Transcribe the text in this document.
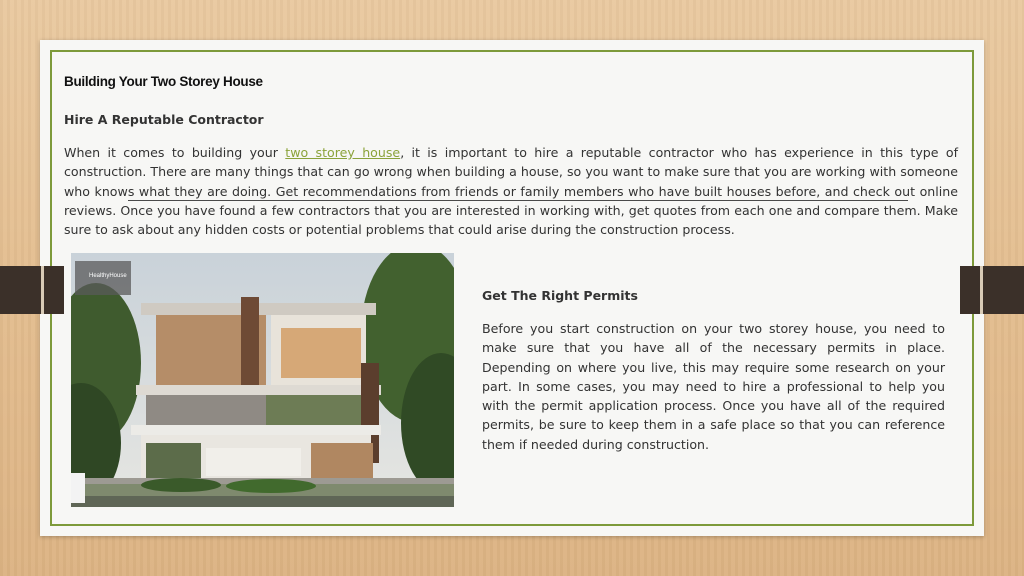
Building Your Two Storey House
Hire A Reputable Contractor

When it comes to building your two storey house, it is important to hire a reputable contractor who has experience in this type of construction. There are many things that can go wrong when building a house, so you want to make sure that you are working with someone who knows what they are doing. Get recommendations from friends or family members who have built houses before, and check out online reviews. Once you have found a few contractors that you are interested in working with, get quotes from each one and compare them. Make sure to ask about any hidden costs or potential problems that could arise during the construction process.

HealthyHouse
Get The Right Permits

Before you start construction on your two storey house, you need to make sure that you have all of the necessary permits in place. Depending on where you live, this may require some research on your part. In some cases, you may need to hire a professional to help you with the permit application process. Once you have all of the required permits, be sure to keep them in a safe place so that you can reference them if needed during construction.
